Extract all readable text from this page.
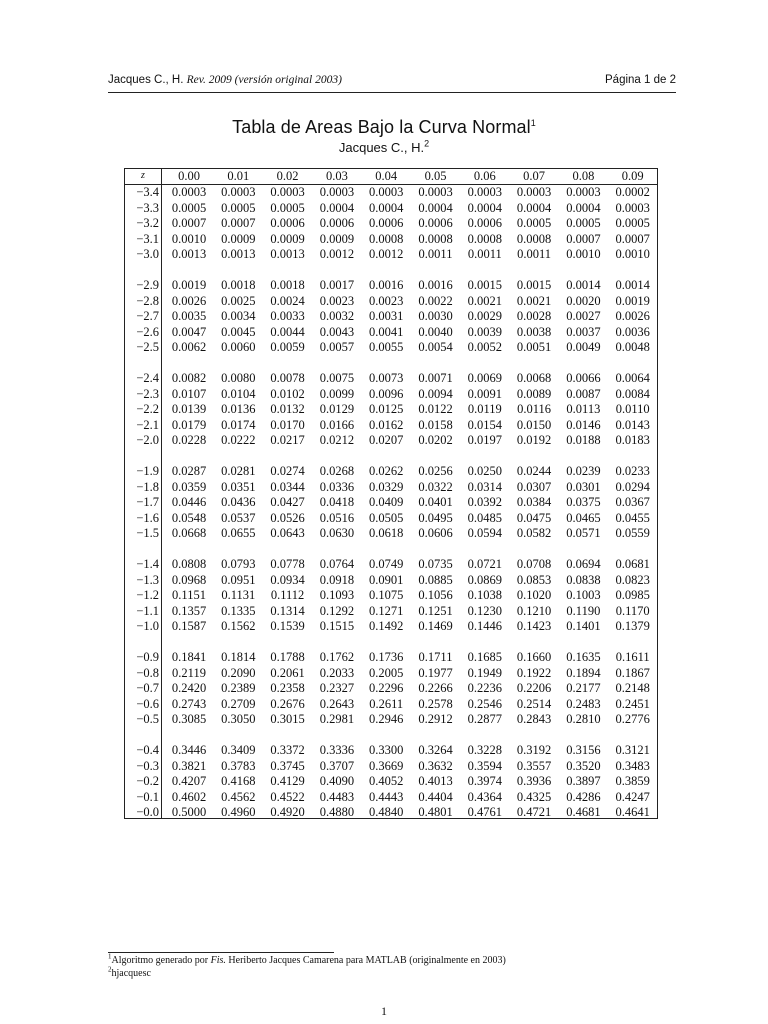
Jacques C., H. Rev. 2009 (versión original 2003)	Página 1 de 2
Tabla de Areas Bajo la Curva Normal$^1$
Jacques C., H.$^2$
z	0.00	0.01	0.02	0.03	0.04	0.05	0.06	0.07	0.08	0.09
−3.4	0.0003	0.0003	0.0003	0.0003	0.0003	0.0003	0.0003	0.0003	0.0003	0.0002
−3.3	0.0005	0.0005	0.0005	0.0004	0.0004	0.0004	0.0004	0.0004	0.0004	0.0003
−3.2	0.0007	0.0007	0.0006	0.0006	0.0006	0.0006	0.0006	0.0005	0.0005	0.0005
−3.1	0.0010	0.0009	0.0009	0.0009	0.0008	0.0008	0.0008	0.0008	0.0007	0.0007
−3.0	0.0013	0.0013	0.0013	0.0012	0.0012	0.0011	0.0011	0.0011	0.0010	0.0010
−2.9	0.0019	0.0018	0.0018	0.0017	0.0016	0.0016	0.0015	0.0015	0.0014	0.0014
−2.8	0.0026	0.0025	0.0024	0.0023	0.0023	0.0022	0.0021	0.0021	0.0020	0.0019
−2.7	0.0035	0.0034	0.0033	0.0032	0.0031	0.0030	0.0029	0.0028	0.0027	0.0026
−2.6	0.0047	0.0045	0.0044	0.0043	0.0041	0.0040	0.0039	0.0038	0.0037	0.0036
−2.5	0.0062	0.0060	0.0059	0.0057	0.0055	0.0054	0.0052	0.0051	0.0049	0.0048
−2.4	0.0082	0.0080	0.0078	0.0075	0.0073	0.0071	0.0069	0.0068	0.0066	0.0064
−2.3	0.0107	0.0104	0.0102	0.0099	0.0096	0.0094	0.0091	0.0089	0.0087	0.0084
−2.2	0.0139	0.0136	0.0132	0.0129	0.0125	0.0122	0.0119	0.0116	0.0113	0.0110
−2.1	0.0179	0.0174	0.0170	0.0166	0.0162	0.0158	0.0154	0.0150	0.0146	0.0143
−2.0	0.0228	0.0222	0.0217	0.0212	0.0207	0.0202	0.0197	0.0192	0.0188	0.0183
−1.9	0.0287	0.0281	0.0274	0.0268	0.0262	0.0256	0.0250	0.0244	0.0239	0.0233
−1.8	0.0359	0.0351	0.0344	0.0336	0.0329	0.0322	0.0314	0.0307	0.0301	0.0294
−1.7	0.0446	0.0436	0.0427	0.0418	0.0409	0.0401	0.0392	0.0384	0.0375	0.0367
−1.6	0.0548	0.0537	0.0526	0.0516	0.0505	0.0495	0.0485	0.0475	0.0465	0.0455
−1.5	0.0668	0.0655	0.0643	0.0630	0.0618	0.0606	0.0594	0.0582	0.0571	0.0559
−1.4	0.0808	0.0793	0.0778	0.0764	0.0749	0.0735	0.0721	0.0708	0.0694	0.0681
−1.3	0.0968	0.0951	0.0934	0.0918	0.0901	0.0885	0.0869	0.0853	0.0838	0.0823
−1.2	0.1151	0.1131	0.1112	0.1093	0.1075	0.1056	0.1038	0.1020	0.1003	0.0985
−1.1	0.1357	0.1335	0.1314	0.1292	0.1271	0.1251	0.1230	0.1210	0.1190	0.1170
−1.0	0.1587	0.1562	0.1539	0.1515	0.1492	0.1469	0.1446	0.1423	0.1401	0.1379
−0.9	0.1841	0.1814	0.1788	0.1762	0.1736	0.1711	0.1685	0.1660	0.1635	0.1611
−0.8	0.2119	0.2090	0.2061	0.2033	0.2005	0.1977	0.1949	0.1922	0.1894	0.1867
−0.7	0.2420	0.2389	0.2358	0.2327	0.2296	0.2266	0.2236	0.2206	0.2177	0.2148
−0.6	0.2743	0.2709	0.2676	0.2643	0.2611	0.2578	0.2546	0.2514	0.2483	0.2451
−0.5	0.3085	0.3050	0.3015	0.2981	0.2946	0.2912	0.2877	0.2843	0.2810	0.2776
−0.4	0.3446	0.3409	0.3372	0.3336	0.3300	0.3264	0.3228	0.3192	0.3156	0.3121
−0.3	0.3821	0.3783	0.3745	0.3707	0.3669	0.3632	0.3594	0.3557	0.3520	0.3483
−0.2	0.4207	0.4168	0.4129	0.4090	0.4052	0.4013	0.3974	0.3936	0.3897	0.3859
−0.1	0.4602	0.4562	0.4522	0.4483	0.4443	0.4404	0.4364	0.4325	0.4286	0.4247
−0.0	0.5000	0.4960	0.4920	0.4880	0.4840	0.4801	0.4761	0.4721	0.4681	0.4641
$^1$Algoritmo generado por Fis. Heriberto Jacques Camarena para MATLAB (originalmente en 2003)
$^2$hjacquesc
1
